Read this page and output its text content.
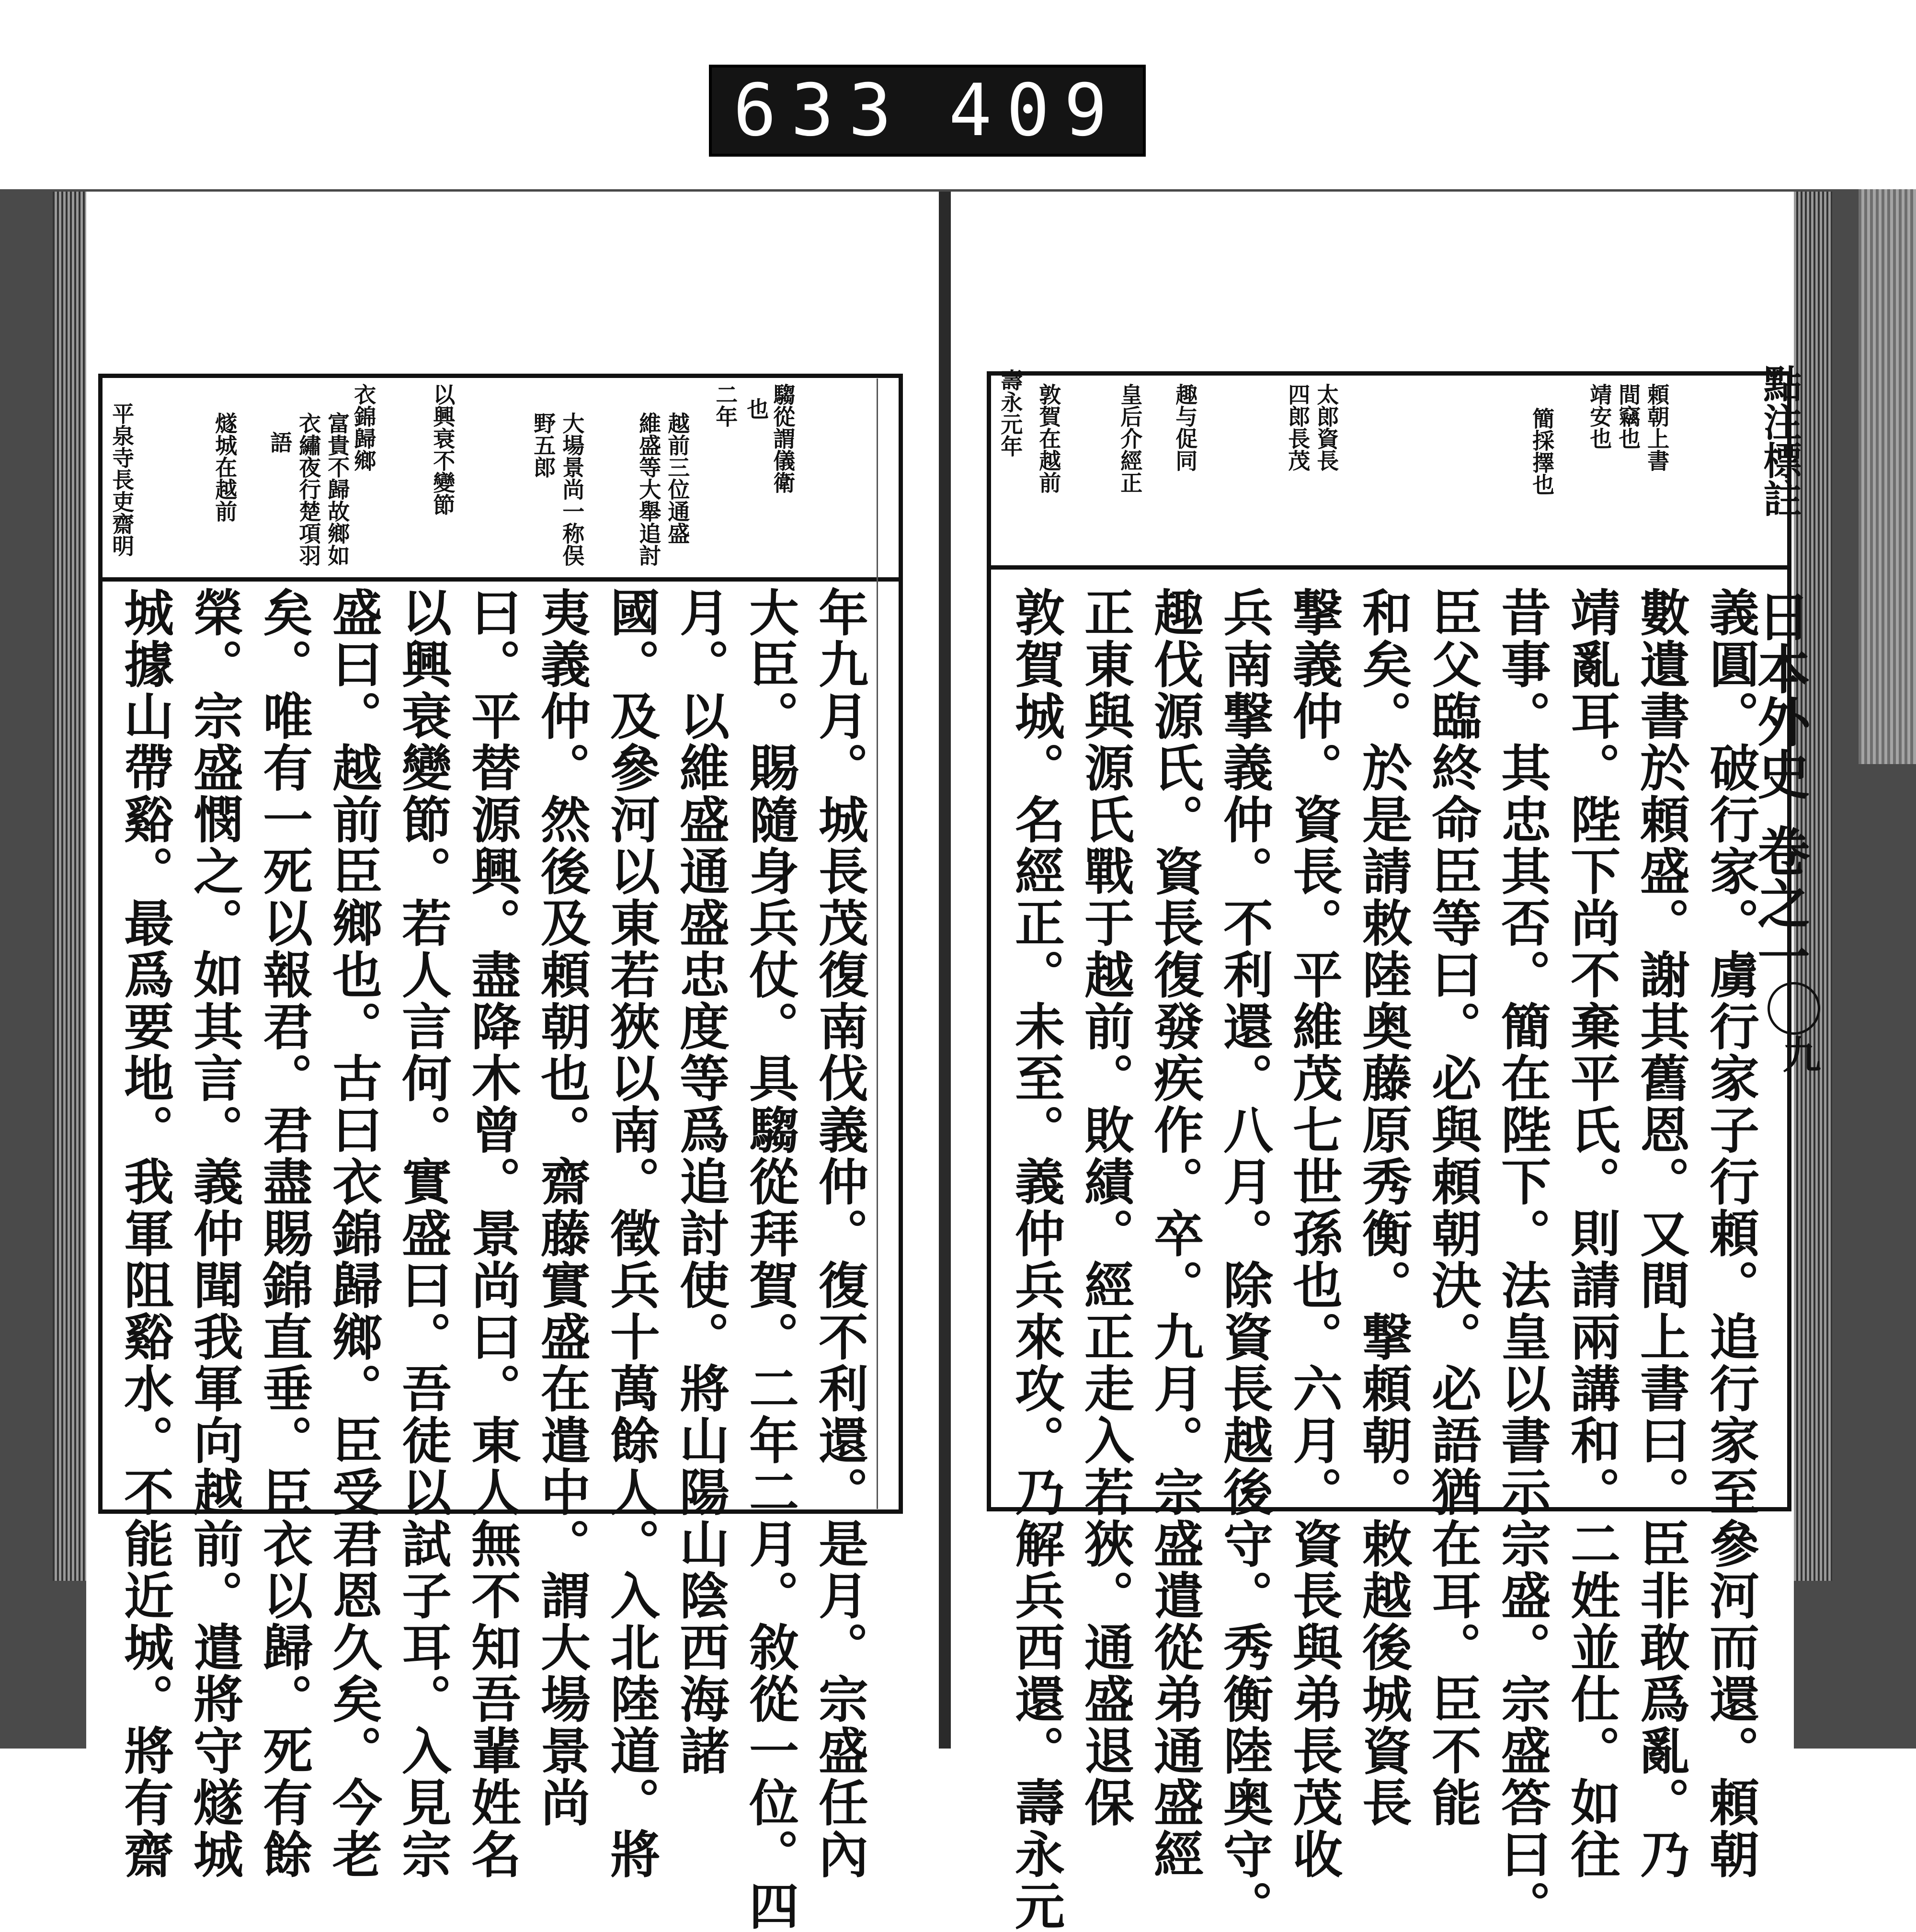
633 409
點注標註
日本外史
卷之一
九
頼朝上書
間竊也
靖安也
簡採擇也
太郎資長
四郎長茂
趣与促同
皇后介經正
敦賀在越前
壽永元年
義圓。破行家。虜行家子行頼。追行家至參河而還。頼朝
數遺書於頼盛。謝其舊恩。又間上書曰。臣非敢爲亂。乃
靖亂耳。陛下尚不棄平氏。則請兩講和。二姓並仕。如往
昔事。其忠其否。簡在陛下。法皇以書示宗盛。宗盛答曰。
臣父臨終命臣等曰。必與頼朝決。必語猶在耳。臣不能
和矣。於是請敕陸奥藤原秀衡。撃頼朝。敕越後城資長
撃義仲。資長。平維茂七世孫也。六月。資長與弟長茂收
兵南撃義仲。不利還。八月。除資長越後守。秀衡陸奥守。
趣伐源氏。資長復發疾作。卒。九月。宗盛遣從弟通盛經
正東與源氏戰于越前。敗績。經正走入若狹。通盛退保
敦賀城。名經正。未至。義仲兵來攻。乃解兵西還。壽永元
騶從謂儀衛
也
二年
越前三位通盛
維盛等大舉追討
大場景尚一称俣
野五郎
以興衰不變節
衣錦歸鄉
富貴不歸故鄉如
衣繡夜行楚項羽
語
燧城在越前
平泉寺長吏齋明
年九月。城長茂復南伐義仲。復不利還。是月。宗盛任內
大臣。賜隨身兵仗。具騶從拜賀。二年二月。敘從一位。四
月。以維盛通盛忠度等爲追討使。將山陽山陰西海諸
國。及參河以東若狹以南。徵兵十萬餘人。入北陸道。將
夷義仲。然後及頼朝也。齋藤實盛在遣中。謂大場景尚
曰。平替源興。盡降木曾。景尚曰。東人無不知吾輩姓名
以興衰變節。若人言何。實盛曰。吾徒以試子耳。入見宗
盛曰。越前臣鄉也。古曰衣錦歸鄉。臣受君恩久矣。今老
矣。唯有一死以報君。君盡賜錦直垂。臣衣以歸。死有餘
榮。宗盛憫之。如其言。義仲聞我軍向越前。遣將守燧城
城據山帶谿。最爲要地。我軍阻谿水。不能近城。將有齋
